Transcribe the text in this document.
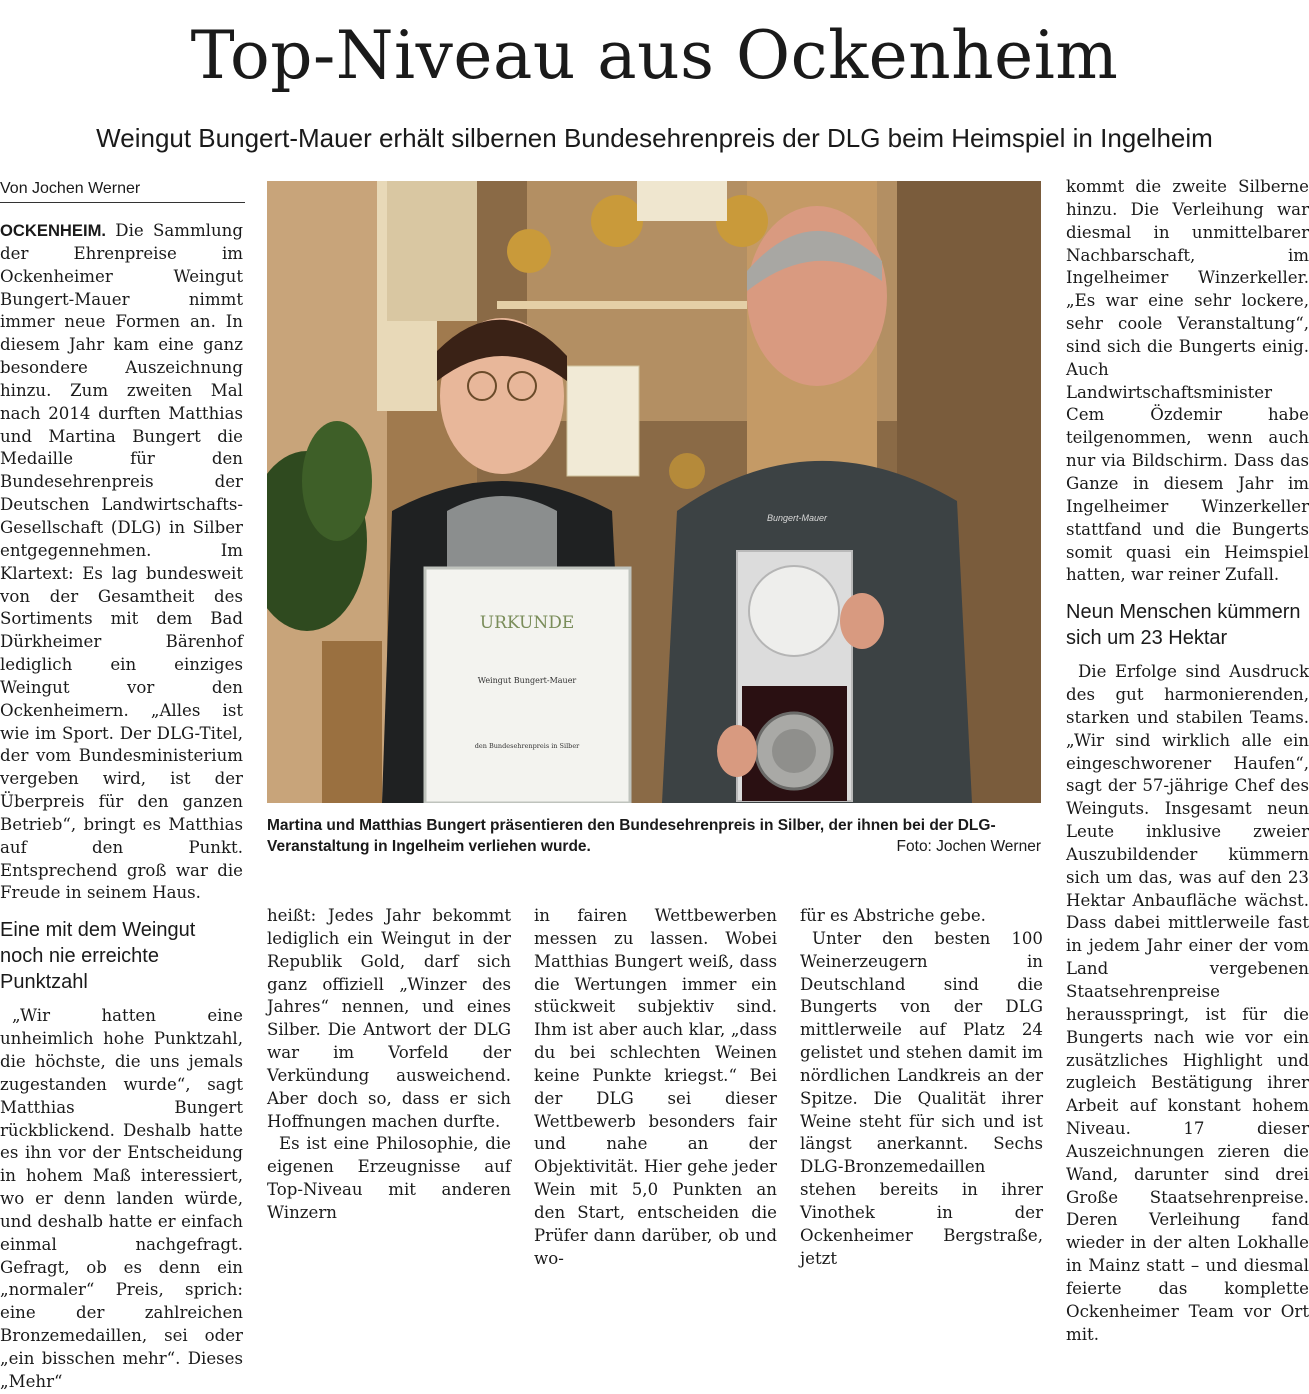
Top-Niveau aus Ockenheim
Weingut Bungert-Mauer erhält silbernen Bundesehrenpreis der DLG beim Heimspiel in Ingelheim
Von Jochen Werner

OCKENHEIM. Die Sammlung der Ehrenpreise im Ockenheimer Weingut Bungert-Mauer nimmt immer neue Formen an. In diesem Jahr kam eine ganz besondere Auszeichnung hinzu. Zum zweiten Mal nach 2014 durften Matthias und Martina Bungert die Medaille für den Bundesehrenpreis der Deutschen Landwirtschafts-Gesellschaft (DLG) in Silber entgegennehmen. Im Klartext: Es lag bundesweit von der Gesamtheit des Sortiments mit dem Bad Dürkheimer Bärenhof lediglich ein einziges Weingut vor den Ockenheimern. „Alles ist wie im Sport. Der DLG-Titel, der vom Bundesministerium vergeben wird, ist der Überpreis für den ganzen Betrieb“, bringt es Matthias auf den Punkt. Entsprechend groß war die Freude in seinem Haus.

Eine mit dem Weingut noch nie erreichte Punktzahl

„Wir hatten eine unheimlich hohe Punktzahl, die höchste, die uns jemals zugestanden wurde“, sagt Matthias Bungert rückblickend. Deshalb hatte es ihn vor der Entscheidung in hohem Maß interessiert, wo er denn landen würde, und deshalb hatte er einfach einmal nachgefragt. Gefragt, ob es denn ein „normaler“ Preis, sprich: eine der zahlreichen Bronzemedaillen, sei oder „ein bisschen mehr“. Dieses „Mehr“

URKUNDE
Weingut Bungert-Mauer
den Bundesehrenpreis in Silber
Bungert-Mauer
Martina und Matthias Bungert präsentieren den Bundesehrenpreis in Silber, der ihnen bei der DLG-Veranstaltung in Ingelheim verliehen wurde.	Foto: Jochen Werner

heißt: Jedes Jahr bekommt lediglich ein Weingut in der Republik Gold, darf sich ganz offiziell „Winzer des Jahres“ nennen, und eines Silber. Die Antwort der DLG war im Vorfeld der Verkündung ausweichend. Aber doch so, dass er sich Hoffnungen machen durfte.

Es ist eine Philosophie, die eigenen Erzeugnisse auf Top-Niveau mit anderen Winzern

in fairen Wettbewerben messen zu lassen. Wobei Matthias Bungert weiß, dass die Wertungen immer ein stückweit subjektiv sind. Ihm ist aber auch klar, „dass du bei schlechten Weinen keine Punkte kriegst.“ Bei der DLG sei dieser Wettbewerb besonders fair und nahe an der Objektivität. Hier gehe jeder Wein mit 5,0 Punkten an den Start, entscheiden die Prüfer dann darüber, ob und wo-

für es Abstriche gebe.

Unter den besten 100 Weinerzeugern in Deutschland sind die Bungerts von der DLG mittlerweile auf Platz 24 gelistet und stehen damit im nördlichen Landkreis an der Spitze. Die Qualität ihrer Weine steht für sich und ist längst anerkannt. Sechs DLG-Bronzemedaillen stehen bereits in ihrer Vinothek in der Ockenheimer Bergstraße, jetzt

kommt die zweite Silberne hinzu. Die Verleihung war diesmal in unmittelbarer Nachbarschaft, im Ingelheimer Winzerkeller. „Es war eine sehr lockere, sehr coole Veranstaltung“, sind sich die Bungerts einig. Auch Landwirtschaftsminister Cem Özdemir habe teilgenommen, wenn auch nur via Bildschirm. Dass das Ganze in diesem Jahr im Ingelheimer Winzerkeller stattfand und die Bungerts somit quasi ein Heimspiel hatten, war reiner Zufall.

Neun Menschen kümmern sich um 23 Hektar

Die Erfolge sind Ausdruck des gut harmonierenden, starken und stabilen Teams. „Wir sind wirklich alle ein eingeschworener Haufen“, sagt der 57-jährige Chef des Weinguts. Insgesamt neun Leute inklusive zweier Auszubildender kümmern sich um das, was auf den 23 Hektar Anbaufläche wächst. Dass dabei mittlerweile fast in jedem Jahr einer der vom Land vergebenen Staatsehrenpreise herausspringt, ist für die Bungerts nach wie vor ein zusätzliches Highlight und zugleich Bestätigung ihrer Arbeit auf konstant hohem Niveau. 17 dieser Auszeichnungen zieren die Wand, darunter sind drei Große Staatsehrenpreise. Deren Verleihung fand wieder in der alten Lokhalle in Mainz statt – und diesmal feierte das komplette Ockenheimer Team vor Ort mit.
